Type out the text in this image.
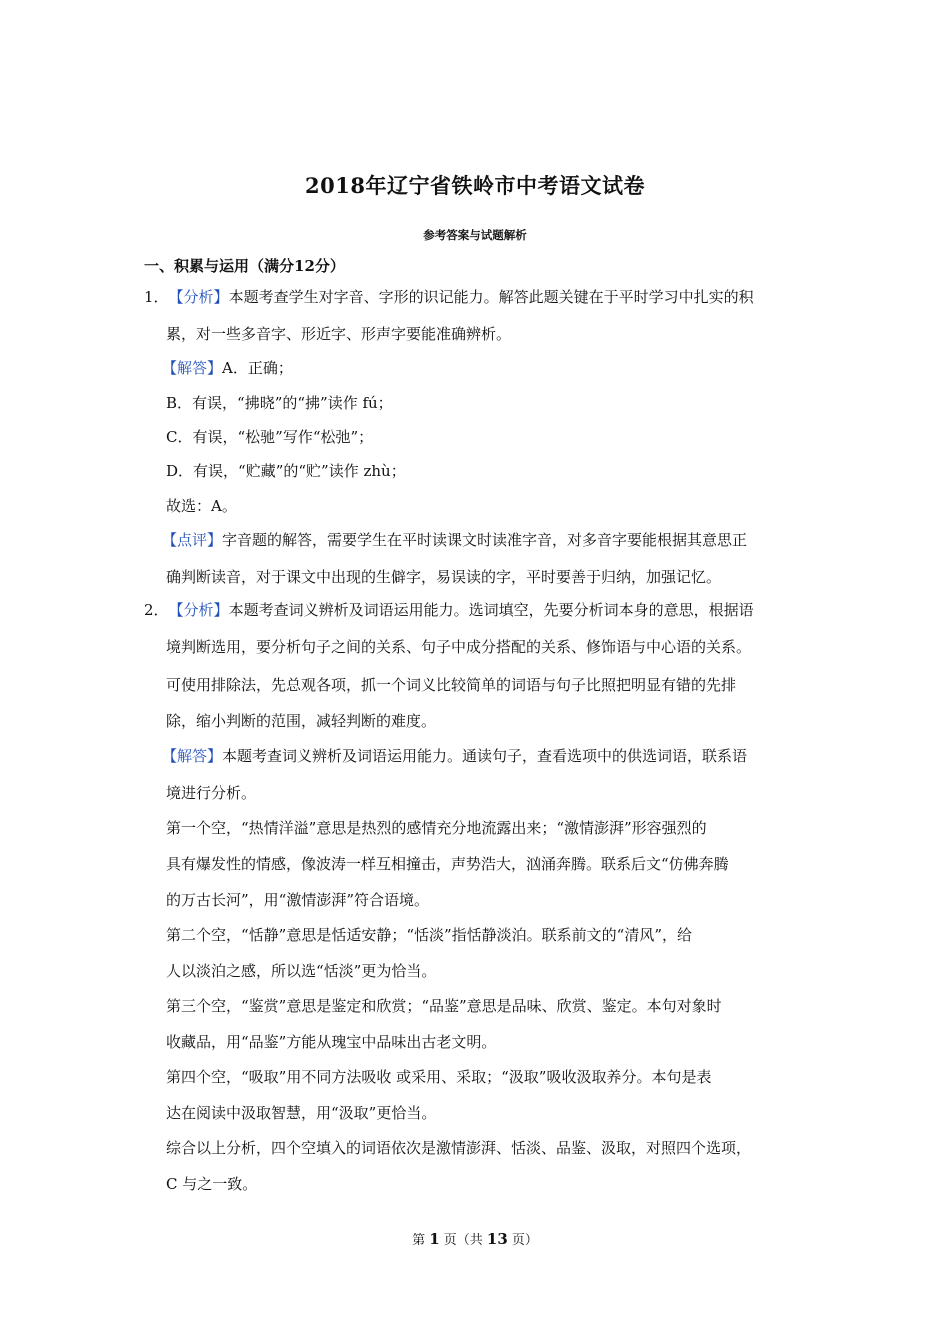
2018年辽宁省铁岭市中考语文试卷
参考答案与试题解析
一、积累与运用（满分12分）
1．【分析】本题考查学生对字音、字形的识记能力。解答此题关键在于平时学习中扎实的积
累，对一些多音字、形近字、形声字要能准确辨析。
【解答】A．正确；
B．有误，“拂晓”的“拂”读作 fú；
C．有误，“松驰”写作“松弛”；
D．有误，“贮藏”的“贮”读作 zhù；
故选：A。
【点评】字音题的解答，需要学生在平时读课文时读准字音，对多音字要能根据其意思正
确判断读音，对于课文中出现的生僻字，易误读的字，平时要善于归纳，加强记忆。
2．【分析】本题考查词义辨析及词语运用能力。选词填空，先要分析词本身的意思，根据语
境判断选用，要分析句子之间的关系、句子中成分搭配的关系、修饰语与中心语的关系。
可使用排除法，先总观各项，抓一个词义比较简单的词语与句子比照把明显有错的先排
除，缩小判断的范围，减轻判断的难度。
【解答】本题考查词义辨析及词语运用能力。通读句子，查看选项中的供选词语，联系语
境进行分析。
第一个空，“热情洋溢”意思是热烈的感情充分地流露出来；“激情澎湃”形容强烈的
具有爆发性的情感，像波涛一样互相撞击，声势浩大，汹涌奔腾。联系后文“仿佛奔腾
的万古长河”，用“激情澎湃”符合语境。
第二个空，“恬静”意思是恬适安静；“恬淡”指恬静淡泊。联系前文的“清风”，给
人以淡泊之感，所以选“恬淡”更为恰当。
第三个空，“鉴赏”意思是鉴定和欣赏；“品鉴”意思是品味、欣赏、鉴定。本句对象时
收藏品，用“品鉴”方能从瑰宝中品味出古老文明。
第四个空，“吸取”用不同方法吸收 或采用、采取；“汲取”吸收汲取养分。本句是表
达在阅读中汲取智慧，用“汲取”更恰当。
综合以上分析，四个空填入的词语依次是激情澎湃、恬淡、品鉴、汲取，对照四个选项，
C 与之一致。
第 1 页（共 13 页）
